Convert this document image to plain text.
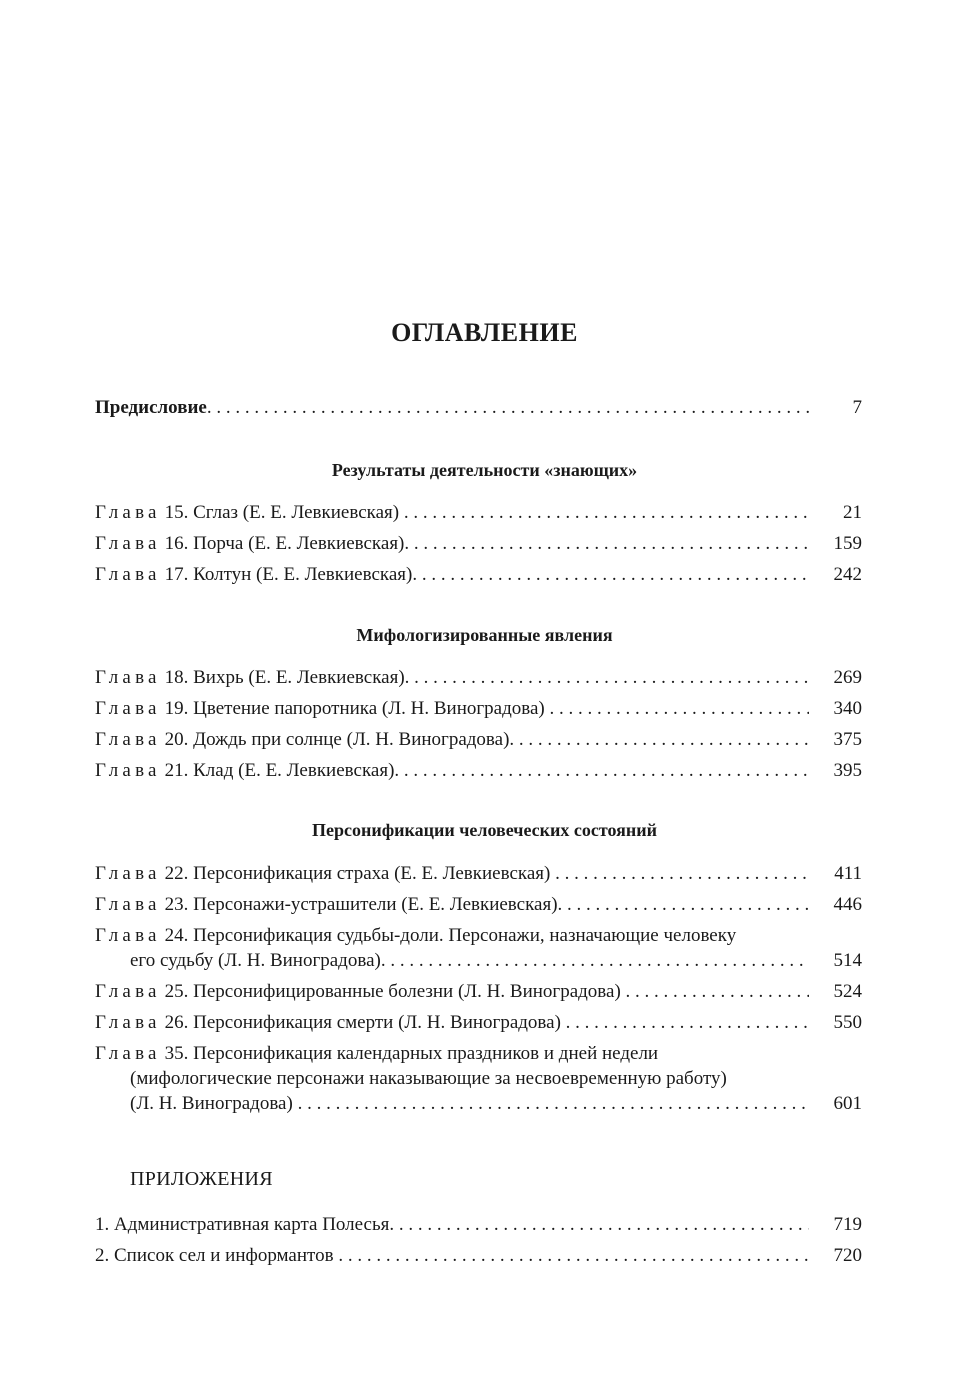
ОГЛАВЛЕНИЕ
Предисловие . . .	7
Результаты деятельности «знающих»
Глава 15. Сглаз (Е. Е. Левкиевская) . . .	21
Глава 16. Порча (Е. Е. Левкиевская) . . .	159
Глава 17. Колтун (Е. Е. Левкиевская) . . .	242
Мифологизированные явления
Глава 18. Вихрь (Е. Е. Левкиевская) . . .	269
Глава 19. Цветение папоротника (Л. Н. Виноградова) . . .	340
Глава 20. Дождь при солнце (Л. Н. Виноградова) . . .	375
Глава 21. Клад (Е. Е. Левкиевская) . . .	395
Персонификации человеческих состояний
Глава 22. Персонификация страха (Е. Е. Левкиевская) . . .	411
Глава 23. Персонажи-устрашители (Е. Е. Левкиевская) . . .	446
Глава 24. Персонификация судьбы-доли. Персонажи, назначающие человеку
его судьбу (Л. Н. Виноградова) . . .	514
Глава 25. Персонифицированные болезни (Л. Н. Виноградова) . . .	524
Глава 26. Персонификация смерти (Л. Н. Виноградова) . . .	550
Глава 35. Персонификация календарных праздников и дней недели
(мифологические персонажи наказывающие за несвоевременную работу)
(Л. Н. Виноградова) . . .	601
ПРИЛОЖЕНИЯ
1. Административная карта Полесья . . .	719
2. Список сел и информантов . . .	720
